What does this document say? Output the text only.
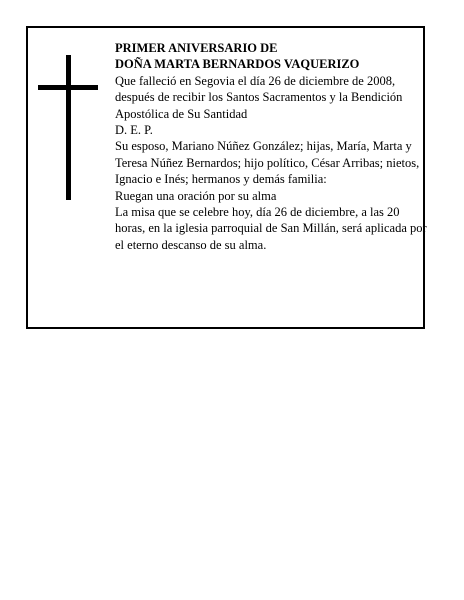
PRIMER ANIVERSARIO DE

DOÑA MARTA BERNARDOS VAQUERIZO

Que falleció en Segovia el día 26 de diciembre de 2008, después de recibir los Santos Sacramentos y la Bendición Apostólica de Su Santidad

D. E. P.

Su esposo, Mariano Núñez González; hijas, María, Marta y Teresa Núñez Bernardos; hijo político, César Arribas; nietos, Ignacio e Inés; hermanos y demás familia:

Ruegan una oración por su alma

La misa que se celebre hoy, día 26 de diciembre, a las 20 horas, en la iglesia parroquial de San Millán, será aplicada por el eterno descanso de su alma.
